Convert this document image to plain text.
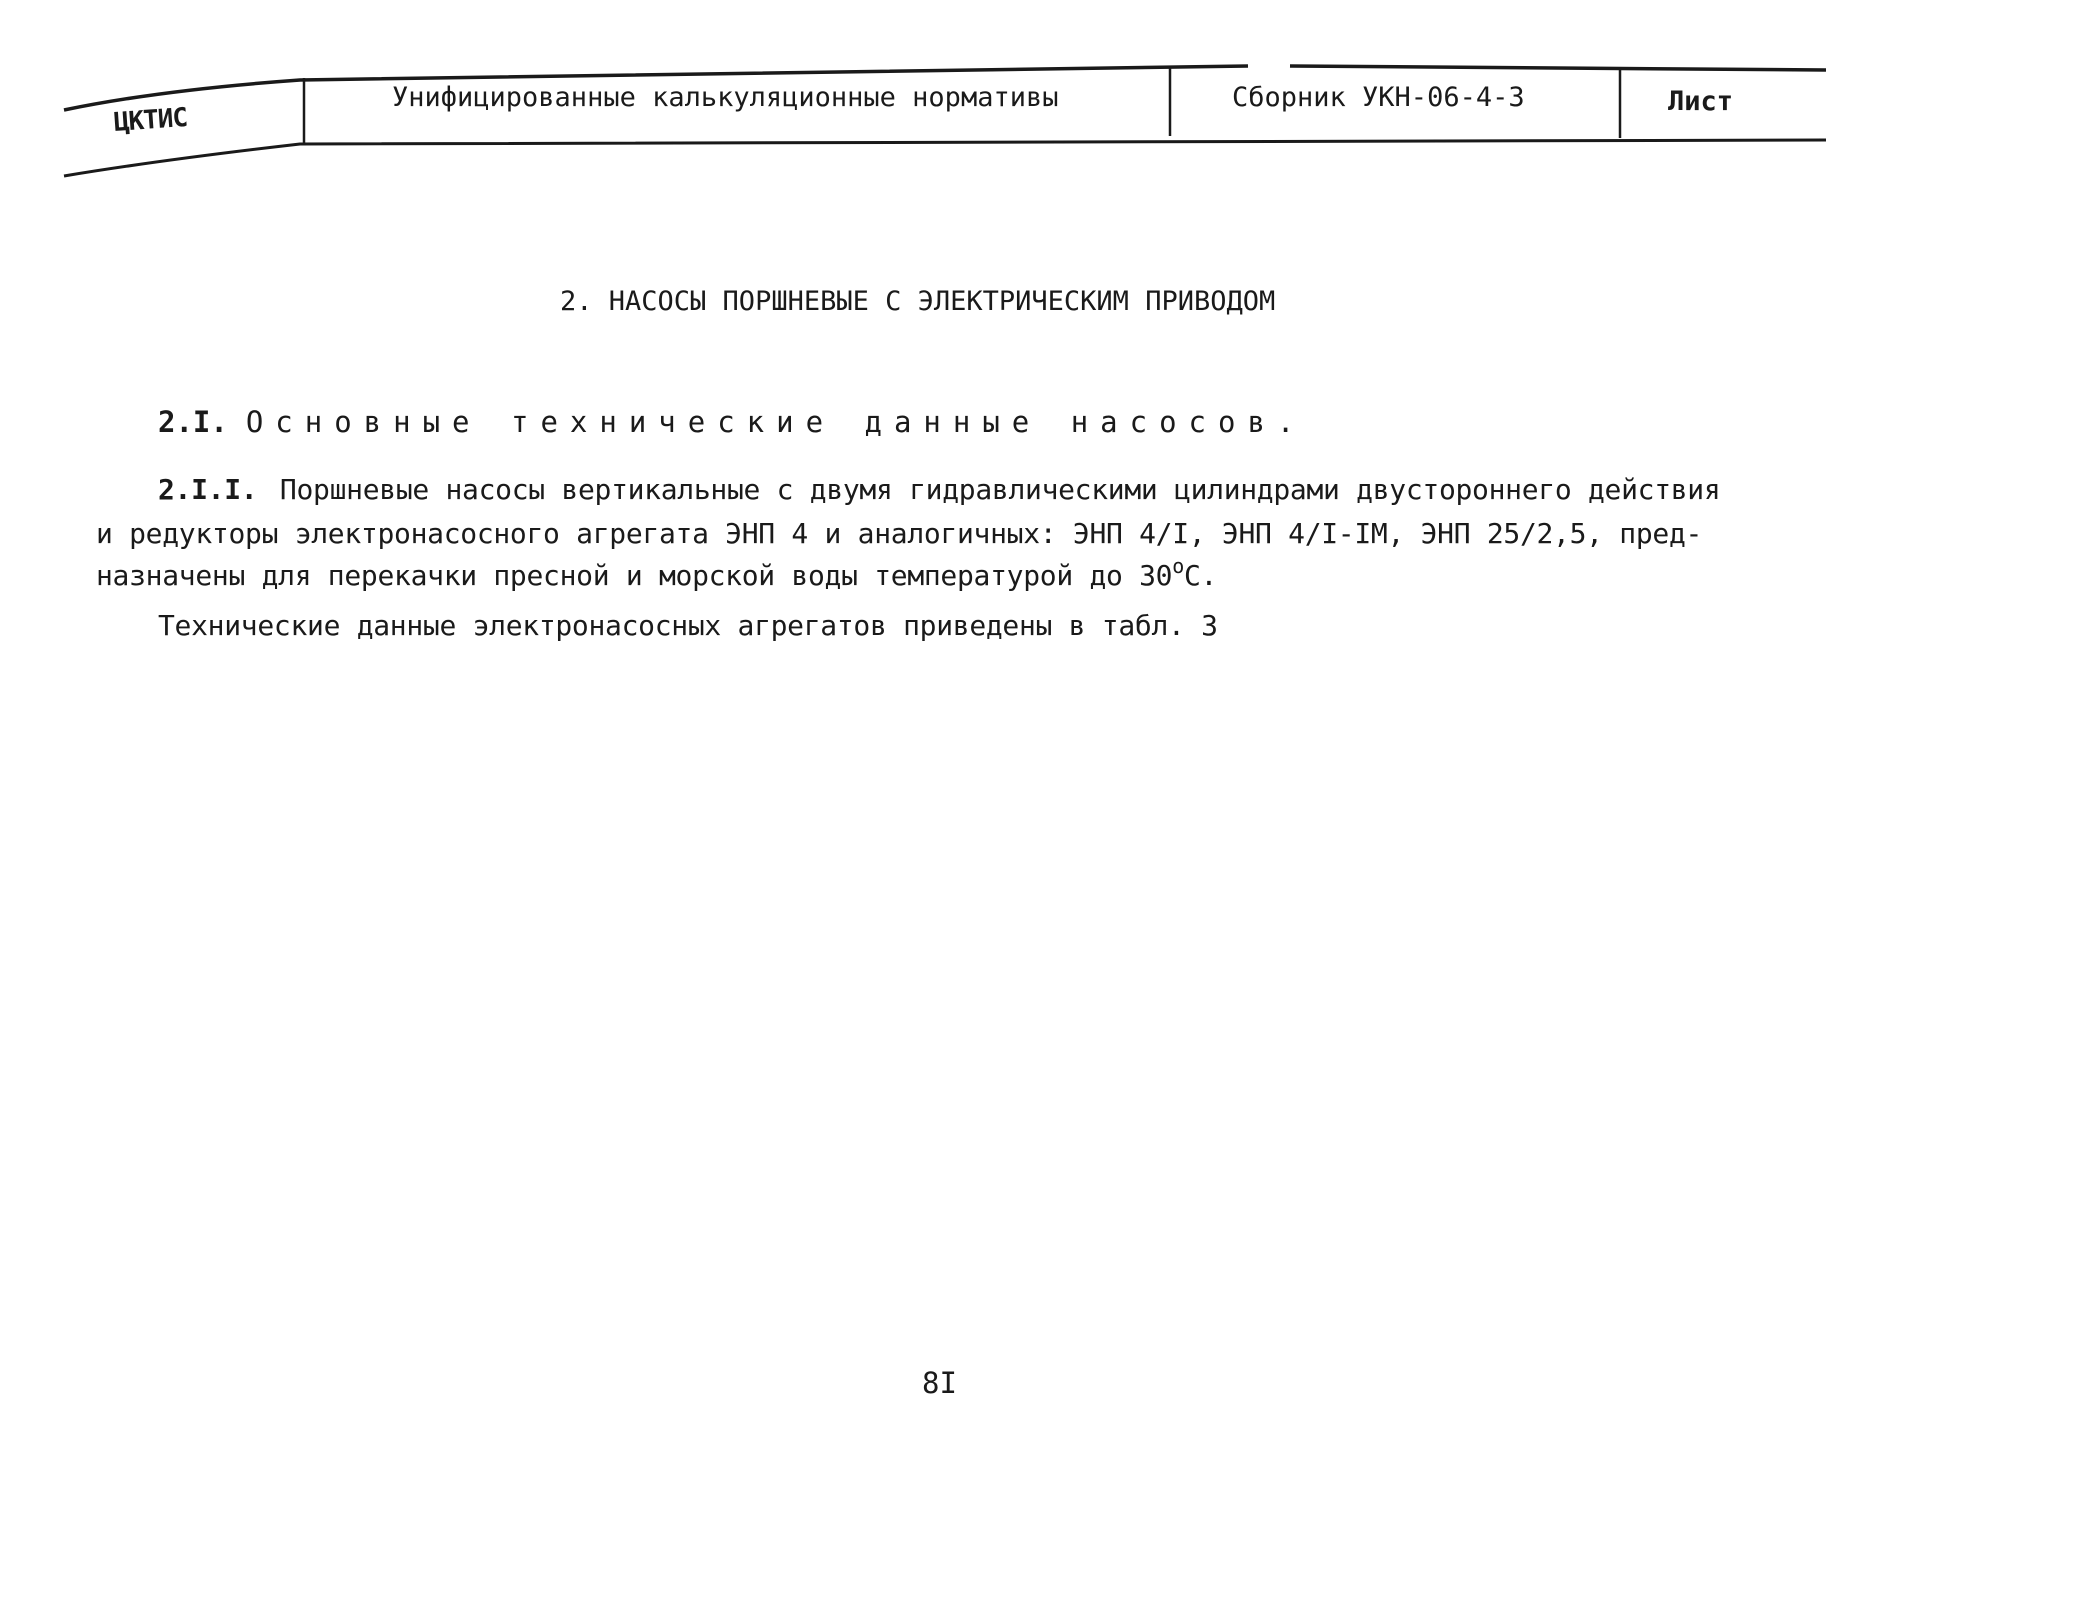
ЦКТИС
Унифицированные калькуляционные нормативы	Сборник УКН-06-4-3	Лист
2. НАСОСЫ ПОРШНЕВЫЕ С ЭЛЕКТРИЧЕСКИМ ПРИВОДОМ
2.I. Основные технические данные насосов.
2.I.I. Поршневые насосы вертикальные с двумя гидравлическими цилиндрами двустороннего действия
и редукторы электронасосного агрегата ЭНП 4 и аналогичных: ЭНП 4/I, ЭНП 4/I-IM, ЭНП 25/2,5, пред-
назначены для перекачки пресной и морской воды температурой до $30^оС$.
Технические данные электронасосных агрегатов приведены в табл. 3
8I
